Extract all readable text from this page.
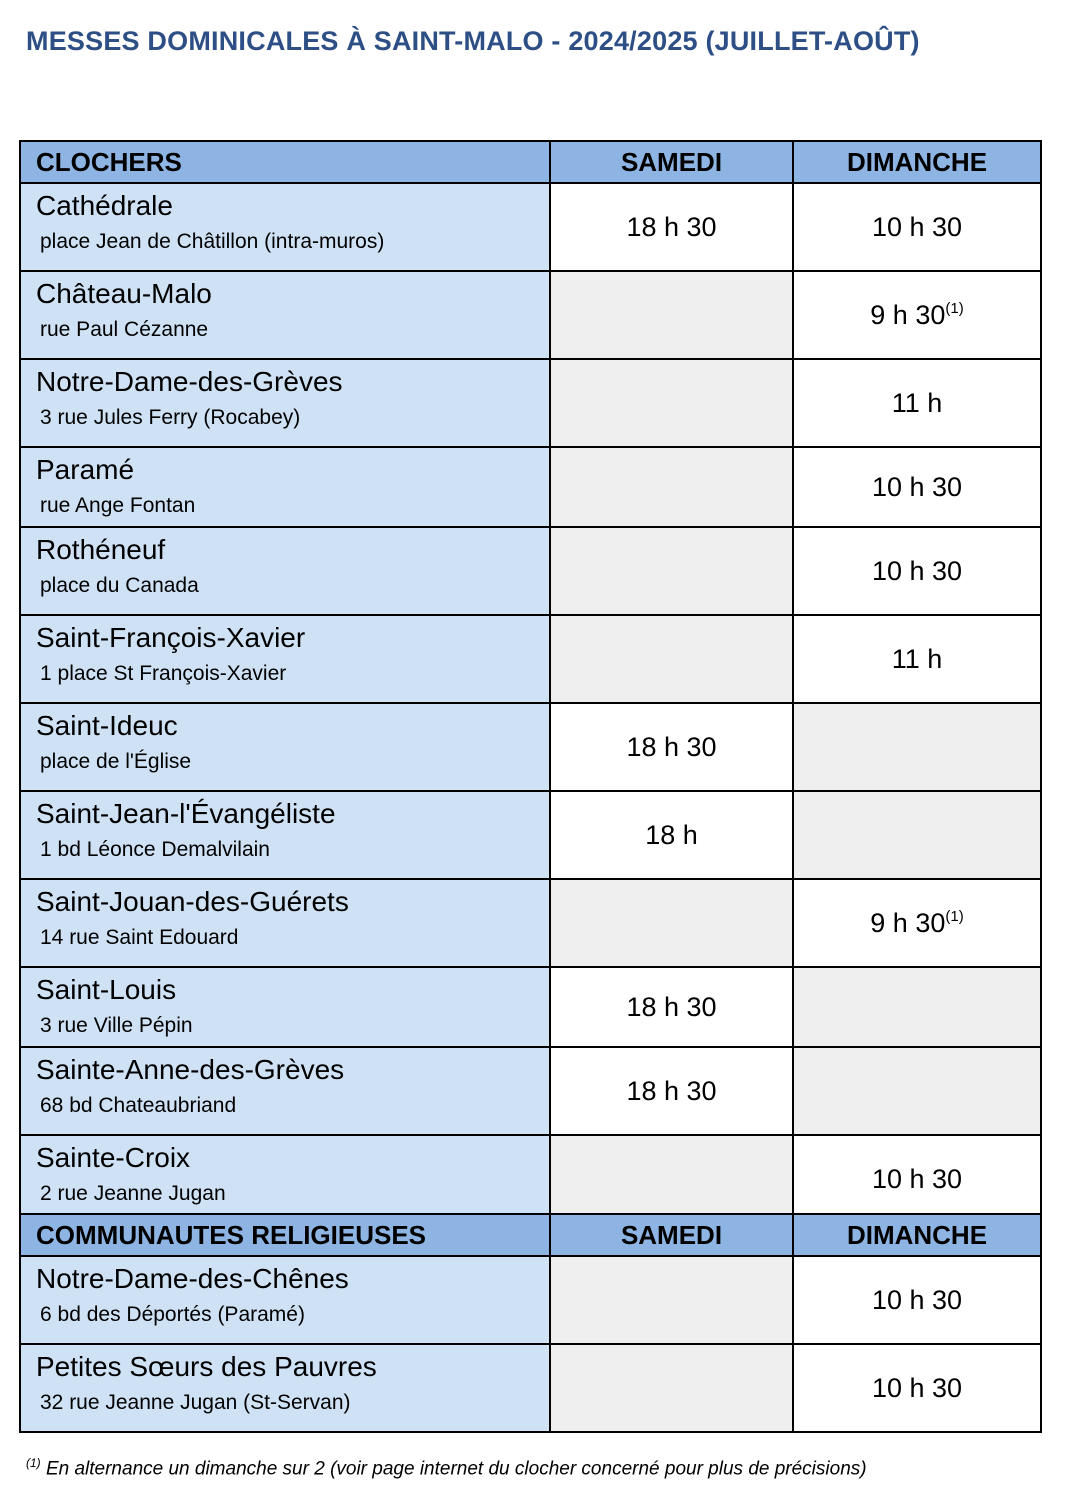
MESSES DOMINICALES À SAINT-MALO - 2024/2025 (JUILLET-AOÛT)
CLOCHERS	SAMEDI	DIMANCHE

Cathédrale
place Jean de Châtillon (intra-muros)	18 h 30	10 h 30

Château-Malo
rue Paul Cézanne		9 h 30$^{(1)}$

Notre-Dame-des-Grèves
3 rue Jules Ferry (Rocabey)		11 h

Paramé
rue Ange Fontan		10 h 30

Rothéneuf
place du Canada		10 h 30

Saint-François-Xavier
1 place St François-Xavier		11 h

Saint-Ideuc
place de l'Église	18 h 30	

Saint-Jean-l'Évangéliste
1 bd Léonce Demalvilain	18 h	

Saint-Jouan-des-Guérets
14 rue Saint Edouard		9 h 30$^{(1)}$

Saint-Louis
3 rue Ville Pépin	18 h 30	

Sainte-Anne-des-Grèves
68 bd Chateaubriand	18 h 30	

Sainte-Croix
2 rue Jeanne Jugan		10 h 30
COMMUNAUTES RELIGIEUSES	SAMEDI	DIMANCHE

Notre-Dame-des-Chênes
6 bd des Déportés (Paramé)		10 h 30

Petites Sœurs des Pauvres
32 rue Jeanne Jugan (St-Servan)		10 h 30
$^{(1)}$ En alternance un dimanche sur 2 (voir page internet du clocher concerné pour plus de précisions)
